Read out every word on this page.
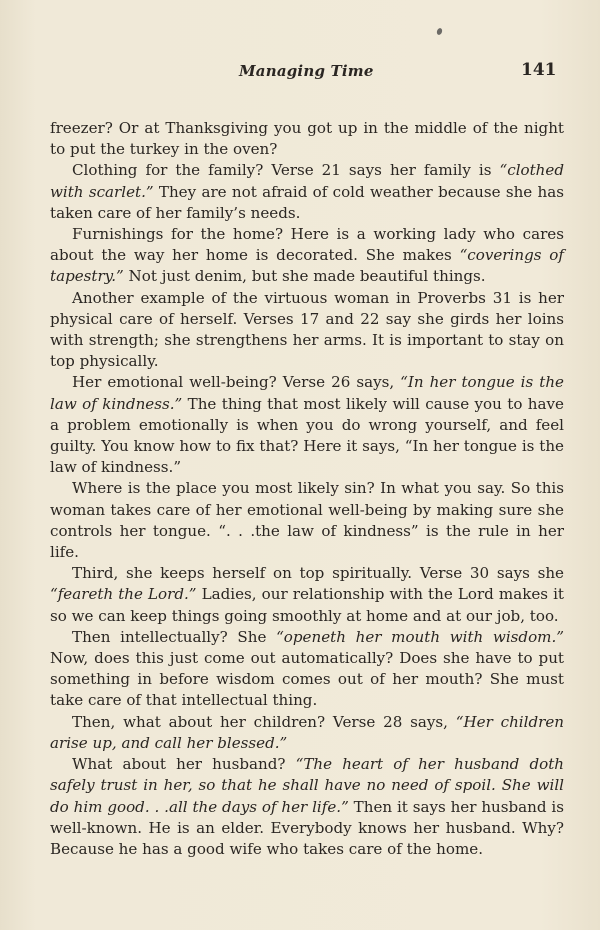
Managing Time	141

freezer? Or at Thanksgiving you got up in the middle of the night to put the turkey in the oven?

Clothing for the family? Verse 21 says her family is “clothed with scarlet.” They are not afraid of cold weather because she has taken care of her family’s needs.

Furnishings for the home? Here is a working lady who cares about the way her home is decorated. She makes “coverings of tapestry.” Not just denim, but she made beautiful things.

Another example of the virtuous woman in Proverbs 31 is her physical care of herself. Verses 17 and 22 say she girds her loins with strength; she strengthens her arms. It is important to stay on top physically.

Her emotional well-being? Verse 26 says, “In her tongue is the law of kindness.” The thing that most likely will cause you to have a problem emotionally is when you do wrong yourself, and feel guilty. You know how to fix that? Here it says, “In her tongue is the law of kindness.”

Where is the place you most likely sin? In what you say. So this woman takes care of her emotional well-being by making sure she controls her tongue. “. . .the law of kindness” is the rule in her life.

Third, she keeps herself on top spiritually. Verse 30 says she “feareth the Lord.” Ladies, our relationship with the Lord makes it so we can keep things going smoothly at home and at our job, too.

Then intellectually? She “openeth her mouth with wisdom.” Now, does this just come out automatically? Does she have to put something in before wisdom comes out of her mouth? She must take care of that intellectual thing.

Then, what about her children? Verse 28 says, “Her children arise up, and call her blessed.”

What about her husband? “The heart of her husband doth safely trust in her, so that he shall have no need of spoil. She will do him good. . .all the days of her life.” Then it says her husband is well-known. He is an elder. Everybody knows her husband. Why? Because he has a good wife who takes care of the home.
